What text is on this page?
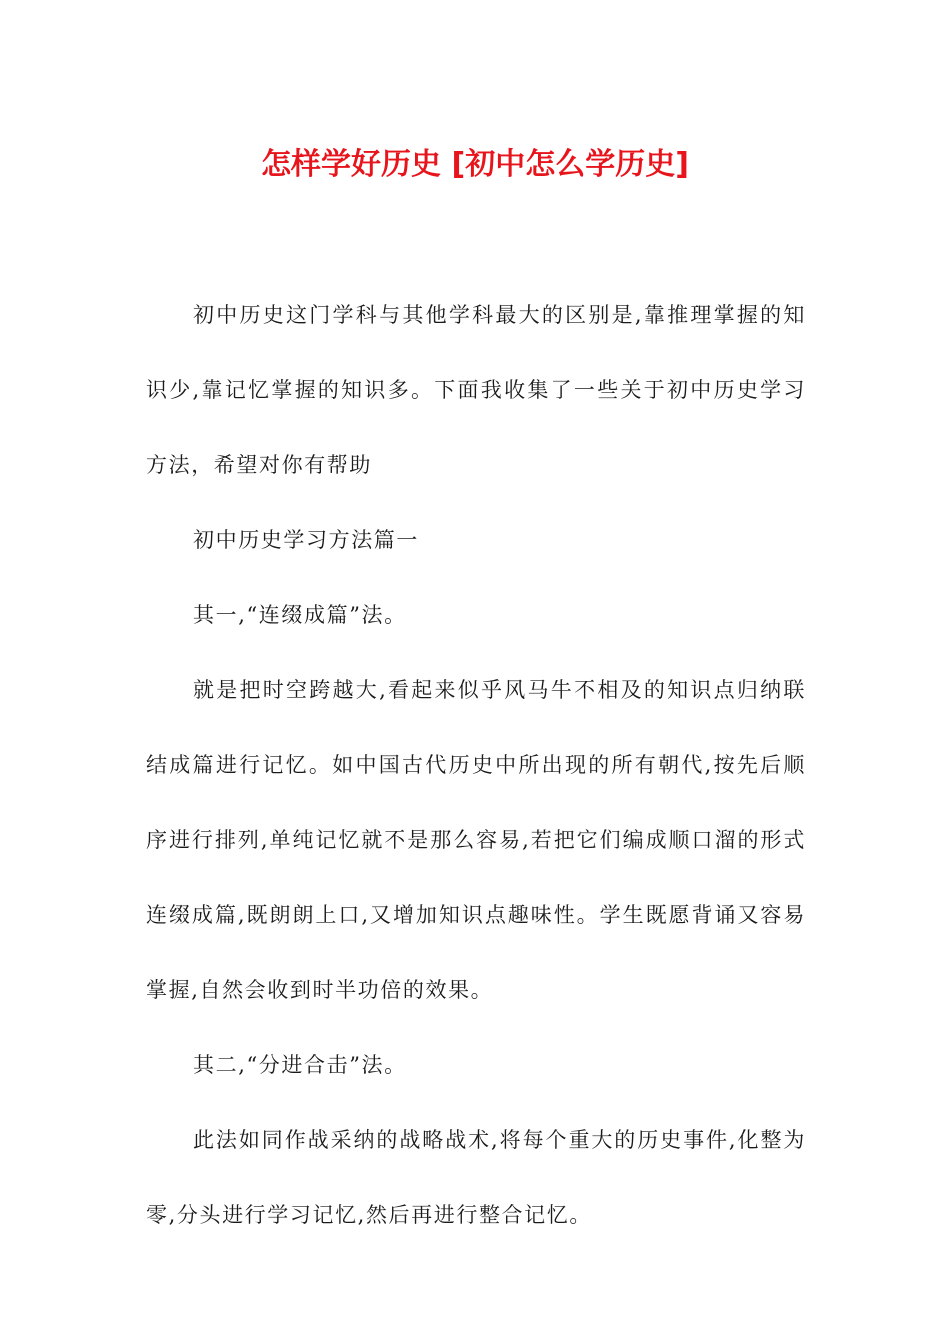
怎样学好历史 [初中怎么学历史]

初中历史这门学科与其他学科最大的区别是,靠推理掌握的知识少,靠记忆掌握的知识多。下面我收集了一些关于初中历史学习方法，希望对你有帮助

初中历史学习方法篇一

其一,“连缀成篇”法。

就是把时空跨越大,看起来似乎风马牛不相及的知识点归纳联结成篇进行记忆。如中国古代历史中所出现的所有朝代,按先后顺序进行排列,单纯记忆就不是那么容易,若把它们编成顺口溜的形式连缀成篇,既朗朗上口,又增加知识点趣味性。学生既愿背诵又容易掌握,自然会收到时半功倍的效果。

其二,“分进合击”法。

此法如同作战采纳的战略战术,将每个重大的历史事件,化整为零,分头进行学习记忆,然后再进行整合记忆。
